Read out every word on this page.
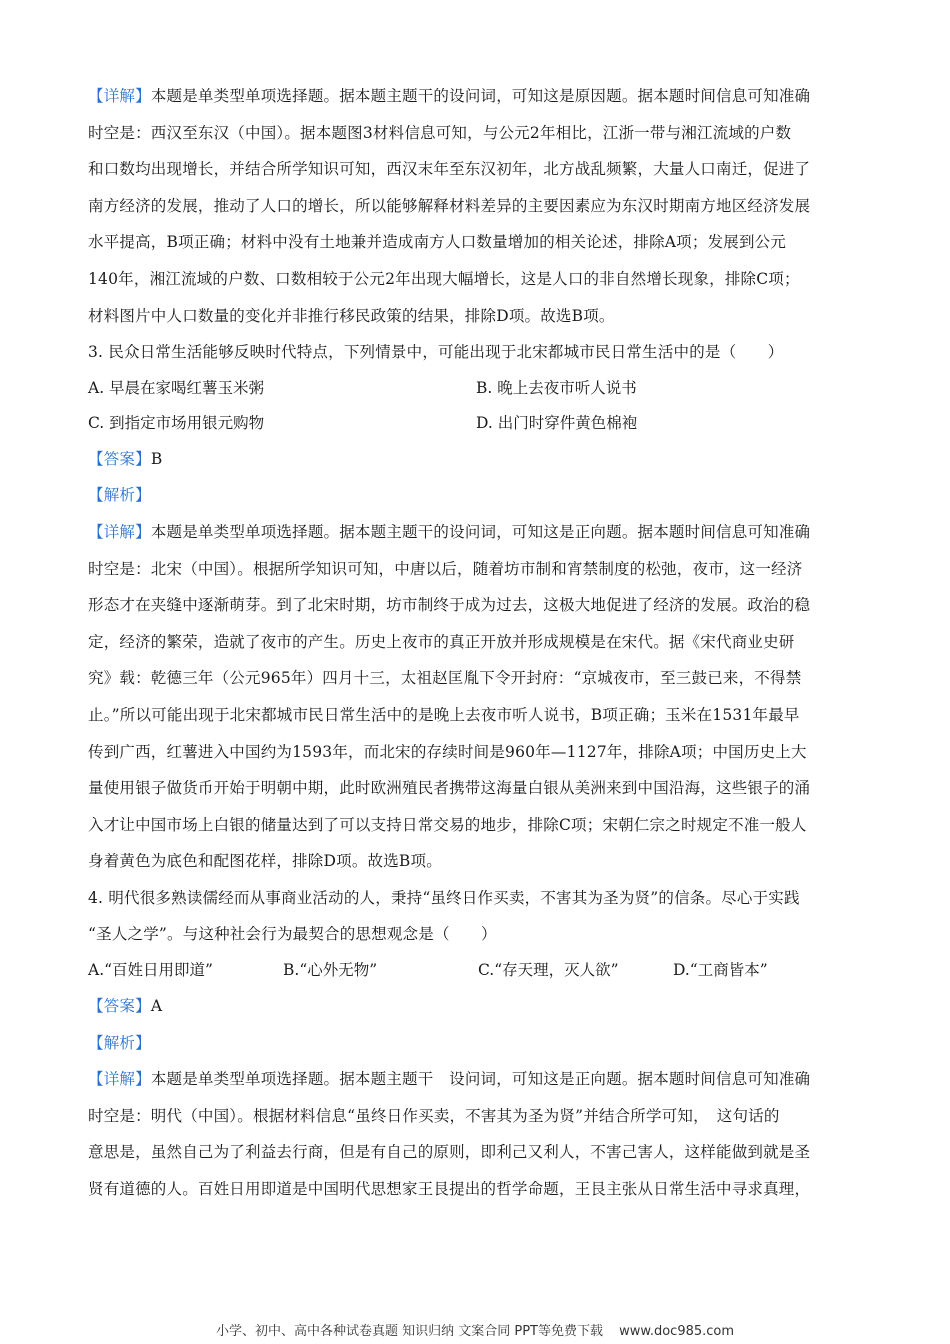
【详解】本题是单类型单项选择题。据本题主题干的设问词，可知这是原因题。据本题时间信息可知准确
时空是：西汉至东汉（中国）。据本题图3材料信息可知，与公元2年相比，江浙一带与湘江流域的户数
和口数均出现增长，并结合所学知识可知，西汉末年至东汉初年，北方战乱频繁，大量人口南迁，促进了
南方经济的发展，推动了人口的增长，所以能够解释材料差异的主要因素应为东汉时期南方地区经济发展
水平提高，B项正确；材料中没有土地兼并造成南方人口数量增加的相关论述，排除A项；发展到公元
140年，湘江流域的户数、口数相较于公元2年出现大幅增长，这是人口的非自然增长现象，排除C项；
材料图片中人口数量的变化并非推行移民政策的结果，排除D项。故选B项。
3. 民众日常生活能够反映时代特点，下列情景中，可能出现于北宋都城市民日常生活中的是（　　）
A. 早晨在家喝红薯玉米粥	B. 晚上去夜市听人说书
C. 到指定市场用银元购物	D. 出门时穿件黄色棉袍
【答案】B
【解析】
【详解】本题是单类型单项选择题。据本题主题干的设问词，可知这是正向题。据本题时间信息可知准确
时空是：北宋（中国）。根据所学知识可知，中唐以后，随着坊市制和宵禁制度的松弛，夜市，这一经济
形态才在夹缝中逐渐萌芽。到了北宋时期，坊市制终于成为过去，这极大地促进了经济的发展。政治的稳
定，经济的繁荣，造就了夜市的产生。历史上夜市的真正开放并形成规模是在宋代。据《宋代商业史研
究》载：乾德三年（公元965年）四月十三，太祖赵匡胤下令开封府：“京城夜市，至三鼓已来，不得禁
止。”所以可能出现于北宋都城市民日常生活中的是晚上去夜市听人说书，B项正确；玉米在1531年最早
传到广西，红薯进入中国约为1593年，而北宋的存续时间是960年—1127年，排除A项；中国历史上大
量使用银子做货币开始于明朝中期，此时欧洲殖民者携带这海量白银从美洲来到中国沿海，这些银子的涌
入才让中国市场上白银的储量达到了可以支持日常交易的地步，排除C项；宋朝仁宗之时规定不准一般人
身着黄色为底色和配图花样，排除D项。故选B项。
4. 明代很多熟读儒经而从事商业活动的人，秉持“虽终日作买卖，不害其为圣为贤”的信条。尽心于实践
“圣人之学”。与这种社会行为最契合的思想观念是（　　）
A.“百姓日用即道”	B.“心外无物”	C.“存天理，灭人欲”	D.“工商皆本”
【答案】A
【解析】
【详解】本题是单类型单项选择题。据本题主题干　设问词，可知这是正向题。据本题时间信息可知准确
时空是：明代（中国）。根据材料信息“虽终日作买卖，不害其为圣为贤”并结合所学可知，　这句话的
意思是，虽然自己为了利益去行商，但是有自己的原则，即利己又利人，不害己害人，这样能做到就是圣
贤有道德的人。百姓日用即道是中国明代思想家王艮提出的哲学命题，王艮主张从日常生活中寻求真理，
小学、初中、高中各种试卷真题 知识归纳 文案合同 PPT等免费下载 www.doc985.com
